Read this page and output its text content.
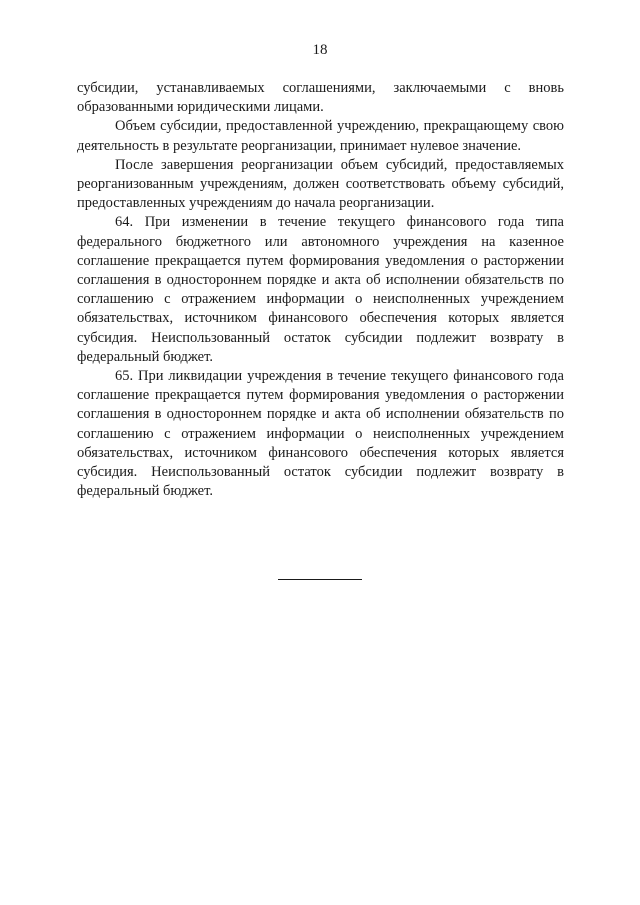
18

субсидии, устанавливаемых соглашениями, заключаемыми с вновь образованными юридическими лицами.

Объем субсидии, предоставленной учреждению, прекращающему свою деятельность в результате реорганизации, принимает нулевое значение.

После завершения реорганизации объем субсидий, предоставляемых реорганизованным учреждениям, должен соответствовать объему субсидий, предоставленных учреждениям до начала реорганизации.

64. При изменении в течение текущего финансового года типа федерального бюджетного или автономного учреждения на казенное соглашение прекращается путем формирования уведомления о расторжении соглашения в одностороннем порядке и акта об исполнении обязательств по соглашению с отражением информации о неисполненных учреждением обязательствах, источником финансового обеспечения которых является субсидия. Неиспользованный остаток субсидии подлежит возврату в федеральный бюджет.

65. При ликвидации учреждения в течение текущего финансового года соглашение прекращается путем формирования уведомления о расторжении соглашения в одностороннем порядке и акта об исполнении обязательств по соглашению с отражением информации о неисполненных учреждением обязательствах, источником финансового обеспечения которых является субсидия. Неиспользованный остаток субсидии подлежит возврату в федеральный бюджет.
